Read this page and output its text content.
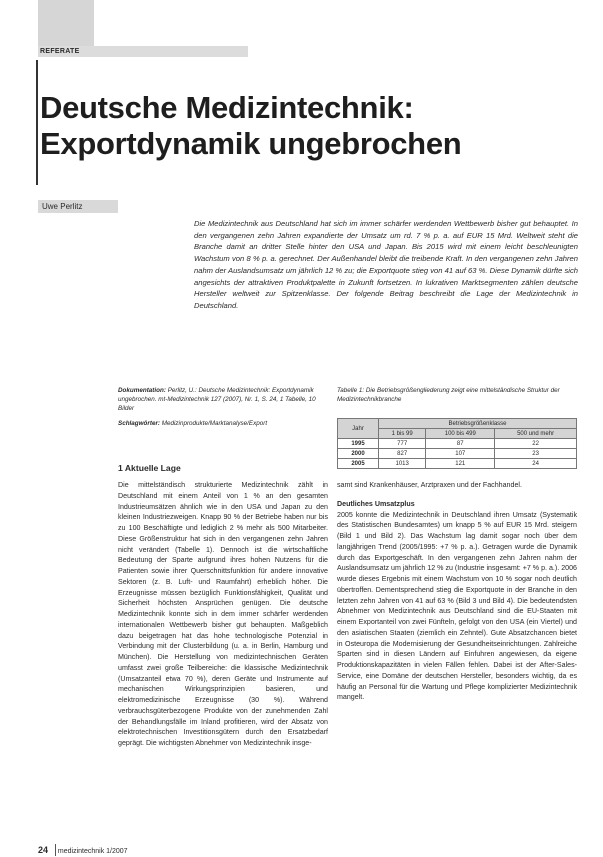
REFERATE
Deutsche Medizintechnik:
Exportdynamik ungebrochen
Uwe Perlitz

Die Medizintechnik aus Deutschland hat sich im immer schärfer werdenden Wettbewerb bisher gut behauptet. In den vergangenen zehn Jahren expandierte der Umsatz um rd. 7 % p. a. auf EUR 15 Mrd. Weltweit steht die Branche damit an dritter Stelle hinter den USA und Japan. Bis 2015 wird mit einem leicht beschleunigten Wachstum von 8 % p. a. gerechnet. Der Außenhandel bleibt die treibende Kraft. In den vergangenen zehn Jahren nahm der Auslandsumsatz um jährlich 12 % zu; die Exportquote stieg von 41 auf 63 %. Diese Dynamik dürfte sich angesichts der attraktiven Produktpalette in Zukunft fortsetzen. In lukrativen Marktsegmenten zählen deutsche Hersteller weltweit zur Spitzenklasse. Der folgende Beitrag beschreibt die Lage der Medizintechnik in Deutschland.

Dokumentation: Perlitz, U.: Deutsche Medizintechnik: Exportdynamik ungebrochen. mt-Medizintechnik 127 (2007), Nr. 1, S. 24, 1 Tabelle, 10 Bilder

Schlagwörter: Medizinprodukte/Marktanalyse/Export

Tabelle 1: Die Betriebsgrößengliederung zeigt eine mittelständische Struktur der Medizintechnikbranche
Jahr	Betriebsgrößenklasse		
	1 bis 99	100 bis 499	500 und mehr
1995	777	87	22
2000	827	107	23
2005	1013	121	24
1 Aktuelle Lage

Die mittelständisch strukturierte Medizintechnik zählt in Deutschland mit einem Anteil von 1 % an den gesamten Industrieumsätzen ähnlich wie in den USA und Japan zu den kleinen Industriezweigen. Knapp 90 % der Betriebe haben nur bis zu 100 Beschäftigte und lediglich 2 % mehr als 500 Mitarbeiter. Diese Größenstruktur hat sich in den vergangenen zehn Jahren nicht verändert (Tabelle 1). Dennoch ist die wirtschaftliche Bedeutung der Sparte aufgrund ihres hohen Nutzens für die Patienten sowie ihrer Querschnittsfunktion für andere innovative Sektoren (z. B. Luft- und Raumfahrt) erheblich höher. Die Erzeugnisse müssen bezüglich Funktionsfähigkeit, Qualität und Sicherheit höchsten Ansprüchen genügen. Die deutsche Medizintechnik konnte sich in dem immer schärfer werdenden internationalen Wettbewerb bisher gut behaupten. Maßgeblich dazu beigetragen hat das hohe technologische Potenzial in Verbindung mit der Clusterbildung (u. a. in Berlin, Hamburg und München). Die Herstellung von medizintechnischen Geräten umfasst zwei große Teilbereiche: die klassische Medizintechnik (Umsatzanteil etwa 70 %), deren Geräte und Instrumente auf mechanischen Wirkungsprinzipien basieren, und elektromedizinische Erzeugnisse (30 %). Während verbrauchsgüterbezogene Produkte von der zunehmenden Zahl der Behandlungsfälle im Inland profitieren, wird der Absatz von elektrotechnischen Investitionsgütern durch den Ersatzbedarf geprägt. Die wichtigsten Abnehmer von Medizintechnik insge-

samt sind Krankenhäuser, Arztpraxen und der Fachhandel.

Deutliches Umsatzplus

2005 konnte die Medizintechnik in Deutschland ihren Umsatz (Systematik des Statistischen Bundesamtes) um knapp 5 % auf EUR 15 Mrd. steigern (Bild 1 und Bild 2). Das Wachstum lag damit sogar noch über dem langjährigen Trend (2005/1995: +7 % p. a.). Getragen wurde die Dynamik durch das Exportgeschäft. In den vergangenen zehn Jahren nahm der Auslandsumsatz um jährlich 12 % zu (Industrie insgesamt: +7 % p. a.). 2006 wurde dieses Ergebnis mit einem Wachstum von 10 % sogar noch deutlich übertroffen. Dementsprechend stieg die Exportquote in der Branche in den letzten zehn Jahren von 41 auf 63 % (Bild 3 und Bild 4). Die bedeutendsten Abnehmer von Medizintechnik aus Deutschland sind die EU-Staaten mit einem Exportanteil von zwei Fünfteln, gefolgt von den USA (ein Viertel) und den asiatischen Staaten (ziemlich ein Zehntel). Gute Absatzchancen bietet in Osteuropa die Modernisierung der Gesundheitseinrichtungen. Zahlreiche Sparten sind in diesen Ländern auf Einfuhren angewiesen, da eigene Produktionskapazitäten in vielen Fällen fehlen. Dabei ist der After-Sales-Service, eine Domäne der deutschen Hersteller, besonders wichtig, da es häufig an Personal für die Wartung und Pflege komplizierter Medizintechnik mangelt.

24 medizintechnik 1/2007
